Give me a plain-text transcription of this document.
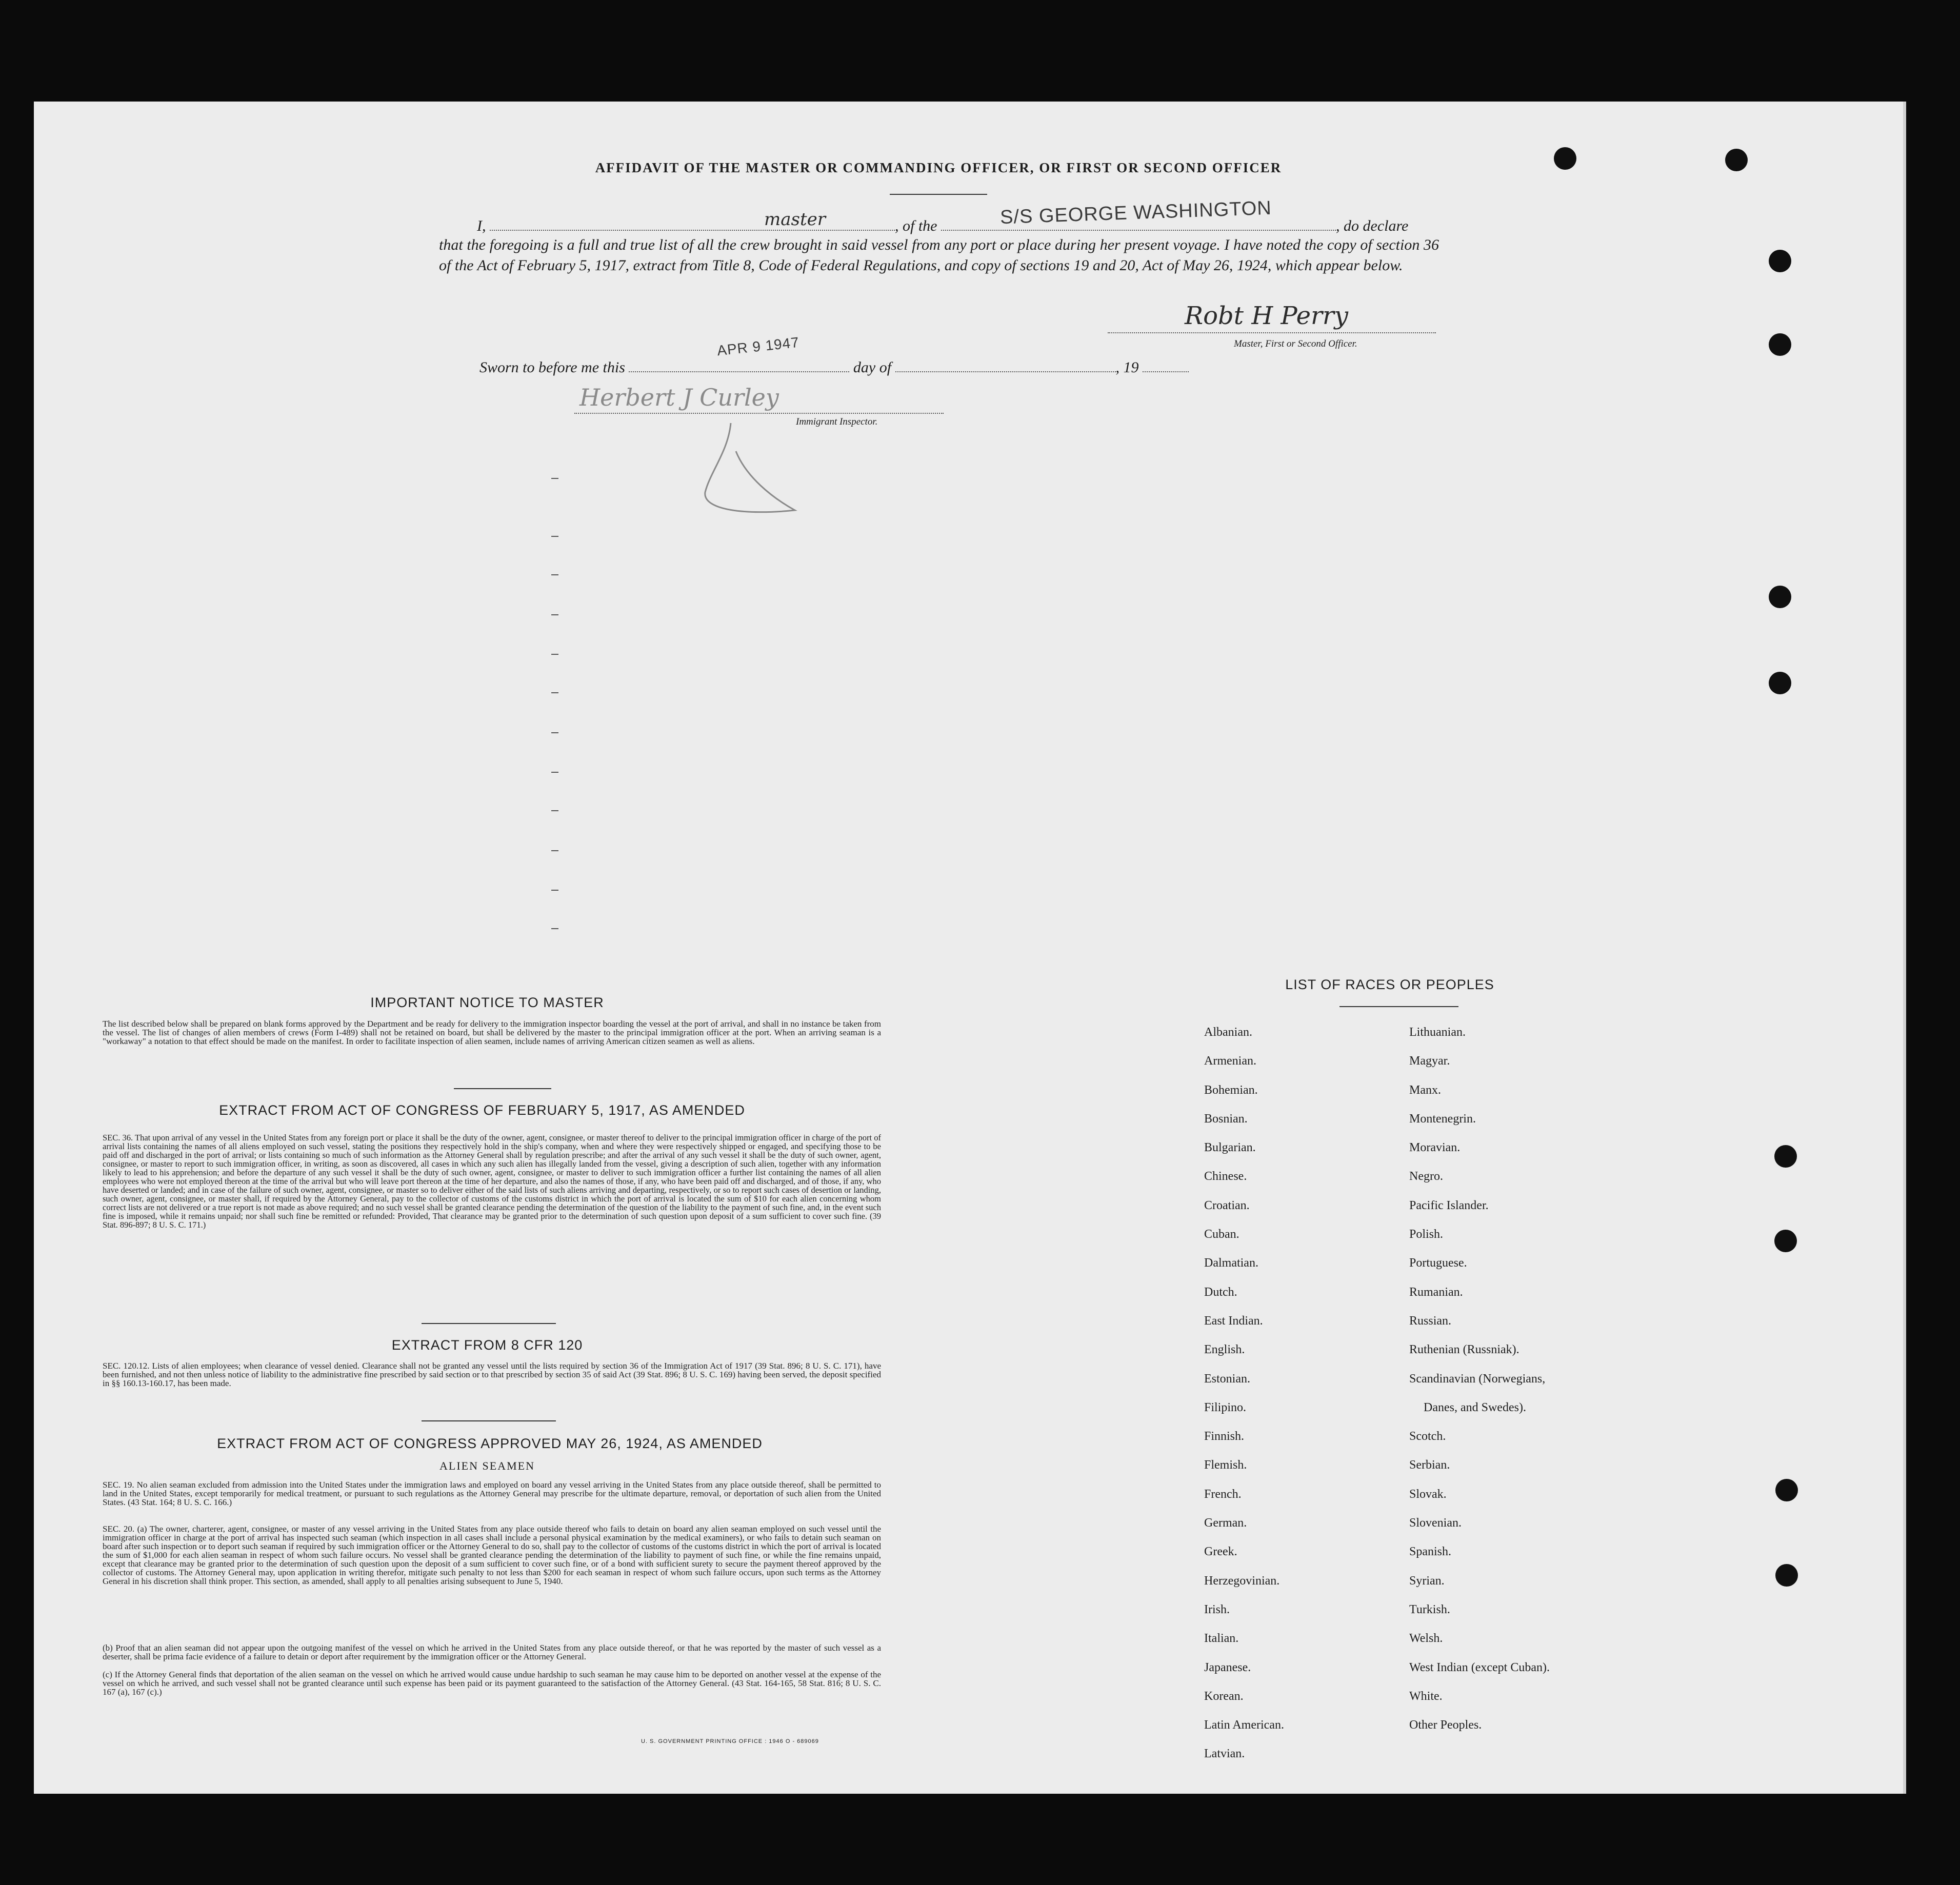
AFFIDAVIT OF THE MASTER OR COMMANDING OFFICER, OR FIRST OR SECOND OFFICER
I,	, of the	, do declare
master	S/S GEORGE WASHINGTON
that the foregoing is a full and true list of all the crew brought in said vessel from any port or place during her present voyage. I have noted the copy of section 36 of the Act of February 5, 1917, extract from Title 8, Code of Federal Regulations, and copy of sections 19 and 20, Act of May 26, 1924, which appear below.
Robt H Perry
Master, First or Second Officer.
Sworn to before me this	day of	, 19
APR 9 1947
Herbert J Curley
Immigrant Inspector.
IMPORTANT NOTICE TO MASTER
The list described below shall be prepared on blank forms approved by the Department and be ready for delivery to the immigration inspector boarding the vessel at the port of arrival, and shall in no instance be taken from the vessel. The list of changes of alien members of crews (Form I-489) shall not be retained on board, but shall be delivered by the master to the principal immigration officer at the port. When an arriving seaman is a "workaway" a notation to that effect should be made on the manifest. In order to facilitate inspection of alien seamen, include names of arriving American citizen seamen as well as aliens.
EXTRACT FROM ACT OF CONGRESS OF FEBRUARY 5, 1917, AS AMENDED
SEC. 36. That upon arrival of any vessel in the United States from any foreign port or place it shall be the duty of the owner, agent, consignee, or master thereof to deliver to the principal immigration officer in charge of the port of arrival lists containing the names of all aliens employed on such vessel, stating the positions they respectively hold in the ship's company, when and where they were respectively shipped or engaged, and specifying those to be paid off and discharged in the port of arrival; or lists containing so much of such information as the Attorney General shall by regulation prescribe; and after the arrival of any such vessel it shall be the duty of such owner, agent, consignee, or master to report to such immigration officer, in writing, as soon as discovered, all cases in which any such alien has illegally landed from the vessel, giving a description of such alien, together with any information likely to lead to his apprehension; and before the departure of any such vessel it shall be the duty of such owner, agent, consignee, or master to deliver to such immigration officer a further list containing the names of all alien employees who were not employed thereon at the time of the arrival but who will leave port thereon at the time of her departure, and also the names of those, if any, who have been paid off and discharged, and of those, if any, who have deserted or landed; and in case of the failure of such owner, agent, consignee, or master so to deliver either of the said lists of such aliens arriving and departing, respectively, or so to report such cases of desertion or landing, such owner, agent, consignee, or master shall, if required by the Attorney General, pay to the collector of customs of the customs district in which the port of arrival is located the sum of $10 for each alien concerning whom correct lists are not delivered or a true report is not made as above required; and no such vessel shall be granted clearance pending the determination of the question of the liability to the payment of such fine, and, in the event such fine is imposed, while it remains unpaid; nor shall such fine be remitted or refunded: Provided, That clearance may be granted prior to the determination of such question upon deposit of a sum sufficient to cover such fine. (39 Stat. 896-897; 8 U. S. C. 171.)
EXTRACT FROM 8 CFR 120
SEC. 120.12. Lists of alien employees; when clearance of vessel denied. Clearance shall not be granted any vessel until the lists required by section 36 of the Immigration Act of 1917 (39 Stat. 896; 8 U. S. C. 171), have been furnished, and not then unless notice of liability to the administrative fine prescribed by said section or to that prescribed by section 35 of said Act (39 Stat. 896; 8 U. S. C. 169) having been served, the deposit specified in §§ 160.13-160.17, has been made.
EXTRACT FROM ACT OF CONGRESS APPROVED MAY 26, 1924, AS AMENDED
ALIEN SEAMEN
SEC. 19. No alien seaman excluded from admission into the United States under the immigration laws and employed on board any vessel arriving in the United States from any place outside thereof, shall be permitted to land in the United States, except temporarily for medical treatment, or pursuant to such regulations as the Attorney General may prescribe for the ultimate departure, removal, or deportation of such alien from the United States. (43 Stat. 164; 8 U. S. C. 166.)
SEC. 20. (a) The owner, charterer, agent, consignee, or master of any vessel arriving in the United States from any place outside thereof who fails to detain on board any alien seaman employed on such vessel until the immigration officer in charge at the port of arrival has inspected such seaman (which inspection in all cases shall include a personal physical examination by the medical examiners), or who fails to detain such seaman on board after such inspection or to deport such seaman if required by such immigration officer or the Attorney General to do so, shall pay to the collector of customs of the customs district in which the port of arrival is located the sum of $1,000 for each alien seaman in respect of whom such failure occurs. No vessel shall be granted clearance pending the determination of the liability to payment of such fine, or while the fine remains unpaid, except that clearance may be granted prior to the determination of such question upon the deposit of a sum sufficient to cover such fine, or of a bond with sufficient surety to secure the payment thereof approved by the collector of customs. The Attorney General may, upon application in writing therefor, mitigate such penalty to not less than $200 for each seaman in respect of whom such failure occurs, upon such terms as the Attorney General in his discretion shall think proper. This section, as amended, shall apply to all penalties arising subsequent to June 5, 1940.
(b) Proof that an alien seaman did not appear upon the outgoing manifest of the vessel on which he arrived in the United States from any place outside thereof, or that he was reported by the master of such vessel as a deserter, shall be prima facie evidence of a failure to detain or deport after requirement by the immigration officer or the Attorney General.
(c) If the Attorney General finds that deportation of the alien seaman on the vessel on which he arrived would cause undue hardship to such seaman he may cause him to be deported on another vessel at the expense of the vessel on which he arrived, and such vessel shall not be granted clearance until such expense has been paid or its payment guaranteed to the satisfaction of the Attorney General. (43 Stat. 164-165, 58 Stat. 816; 8 U. S. C. 167 (a), 167 (c).)
U. S. GOVERNMENT PRINTING OFFICE : 1946 O - 689069
LIST OF RACES OR PEOPLES
Albanian.
Armenian.
Bohemian.
Bosnian.
Bulgarian.
Chinese.
Croatian.
Cuban.
Dalmatian.
Dutch.
East Indian.
English.
Estonian.
Filipino.
Finnish.
Flemish.
French.
German.
Greek.
Herzegovinian.
Irish.
Italian.
Japanese.
Korean.
Latin American.
Latvian.
Lithuanian.
Magyar.
Manx.
Montenegrin.
Moravian.
Negro.
Pacific Islander.
Polish.
Portuguese.
Rumanian.
Russian.
Ruthenian (Russniak).
Scandinavian (Norwegians,
Danes, and Swedes).
Scotch.
Serbian.
Slovak.
Slovenian.
Spanish.
Syrian.
Turkish.
Welsh.
West Indian (except Cuban).
White.
Other Peoples.
